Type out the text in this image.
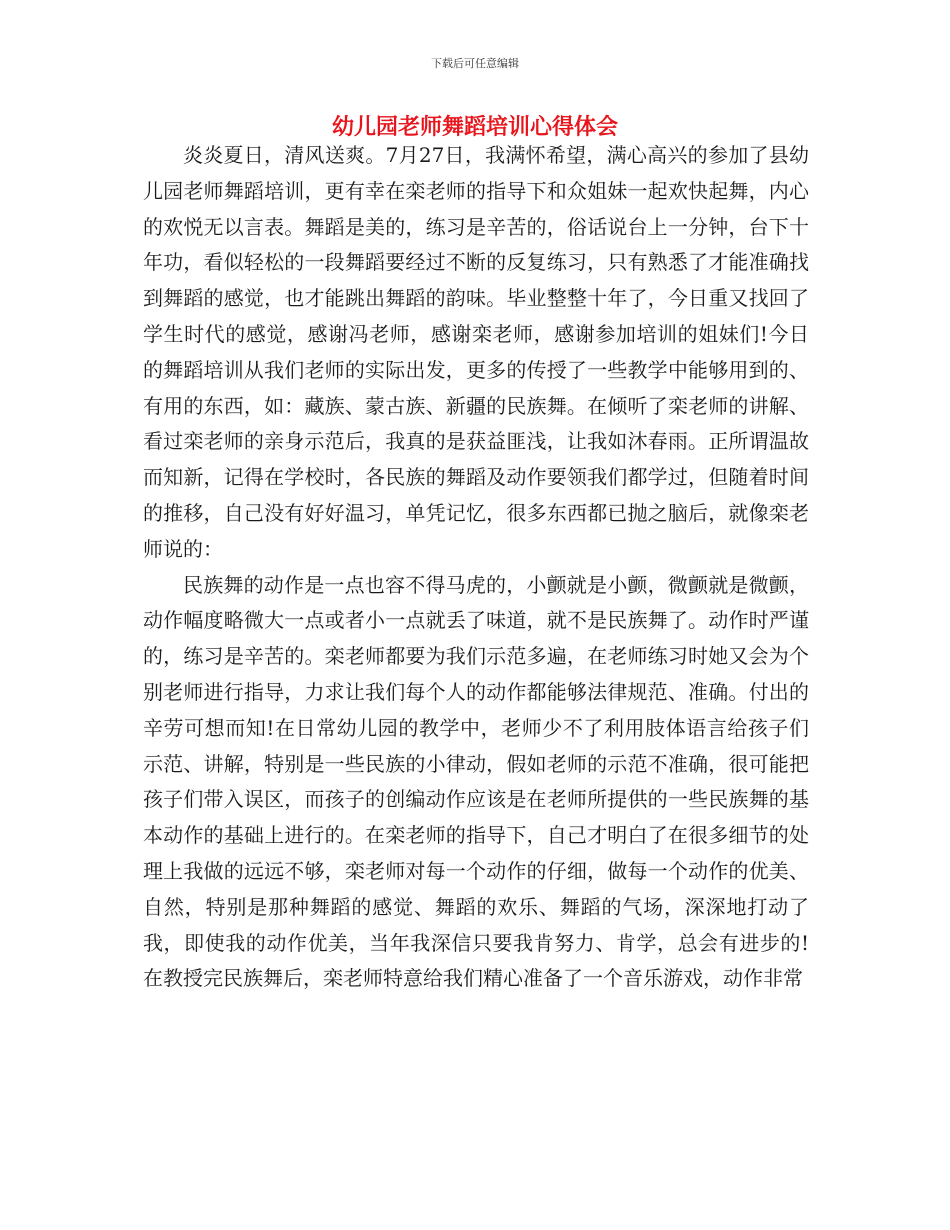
下载后可任意编辑
幼儿园老师舞蹈培训心得体会

炎炎夏日，清风送爽。7月27日，我满怀希望，满心高兴的参加了县幼儿园老师舞蹈培训，更有幸在栾老师的指导下和众姐妹一起欢快起舞，内心的欢悦无以言表。舞蹈是美的，练习是辛苦的，俗话说台上一分钟，台下十年功，看似轻松的一段舞蹈要经过不断的反复练习，只有熟悉了才能准确找到舞蹈的感觉，也才能跳出舞蹈的韵味。毕业整整十年了，今日重又找回了学生时代的感觉，感谢冯老师，感谢栾老师，感谢参加培训的姐妹们!今日的舞蹈培训从我们老师的实际出发，更多的传授了一些教学中能够用到的、有用的东西，如：藏族、蒙古族、新疆的民族舞。在倾听了栾老师的讲解、看过栾老师的亲身示范后，我真的是获益匪浅，让我如沐春雨。正所谓温故而知新，记得在学校时，各民族的舞蹈及动作要领我们都学过，但随着时间的推移，自己没有好好温习，单凭记忆，很多东西都已抛之脑后，就像栾老师说的：

民族舞的动作是一点也容不得马虎的，小颤就是小颤，微颤就是微颤，动作幅度略微大一点或者小一点就丢了味道，就不是民族舞了。动作时严谨的，练习是辛苦的。栾老师都要为我们示范多遍，在老师练习时她又会为个别老师进行指导，力求让我们每个人的动作都能够法律规范、准确。付出的辛劳可想而知!在日常幼儿园的教学中，老师少不了利用肢体语言给孩子们示范、讲解，特别是一些民族的小律动，假如老师的示范不准确，很可能把孩子们带入误区，而孩子的创编动作应该是在老师所提供的一些民族舞的基本动作的基础上进行的。在栾老师的指导下，自己才明白了在很多细节的处理上我做的远远不够，栾老师对每一个动作的仔细，做每一个动作的优美、自然，特别是那种舞蹈的感觉、舞蹈的欢乐、舞蹈的气场，深深地打动了我，即使我的动作优美，当年我深信只要我肯努力、肯学，总会有进步的!在教授完民族舞后，栾老师特意给我们精心准备了一个音乐游戏，动作非常
